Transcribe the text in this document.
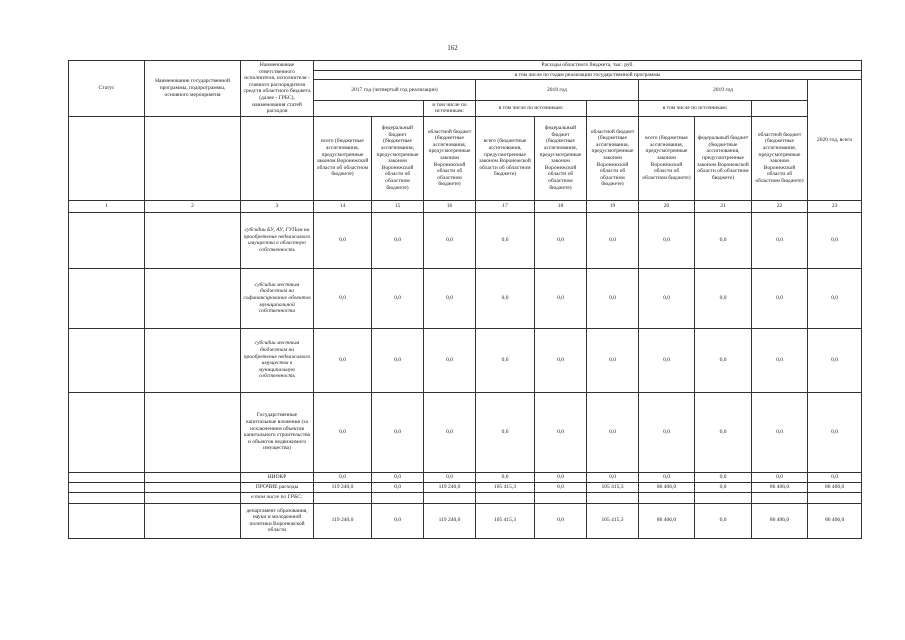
162
Статус	Наименование государственной программы, подпрограммы, основного мероприятия	Наименование ответственного исполнителя, исполнителя - главного распорядителя средств областного бюджета (далее - ГРБС), наименования статей расходов	Расходы областного бюджета, тыс. руб.									
			в том числе по годам реализации государственной программы									
			2017 год (четвертый год реализации)			2018 год			2019 год			2020 год, всего
					в том числе по источникам:	в том числе по источникам:			в том числе по источникам:			
			всего (бюджетные ассигнования, предусмотренные законом Воронежской области об областном бюджете)	федеральный бюджет (бюджетные ассигнования, предусмотренные законом Воронежской области об областном бюджете)	областной бюджет (бюджетные ассигнования, предусмотренные законом Воронежской области об областном бюджете)	всего (бюджетные ассигнования, предусмотренные законом Воронежской области об областном бюджете)	федеральный бюджет (бюджетные ассигнования, предусмотренные законом Воронежской области об областном бюджете)	областной бюджет (бюджетные ассигнования, предусмотренные законом Воронежской области об областном бюджете)	всего (бюджетные ассигнования, предусмотренные законом Воронежской области об областном бюджете)	федеральный бюджет (бюджетные ассигнования, предусмотренные законом Воронежской области об областном бюджете)	областной бюджет (бюджетные ассигнования, предусмотренные законом Воронежской области об областном бюджете)	
1	2	3	14	15	16	17	18	19	20	21	22	23
		субсидии БУ, АУ, ГУПам на приобретение недвижимого имущества в областную собственность	0,0	0,0	0,0	0,0	0,0	0,0	0,0	0,0	0,0	0,0
		субсидии местным бюджетам на софинансирование объектов муниципальной собственности	0,0	0,0	0,0	0,0	0,0	0,0	0,0	0,0	0,0	0,0
		субсидии местным бюджетам на приобретение недвижимого имущества в муниципальную собственность	0,0	0,0	0,0	0,0	0,0	0,0	0,0	0,0	0,0	0,0
		Государственные капитальные вложения (за исключением объектов капитального строительства и объектов недвижимого имущества)	0,0	0,0	0,0	0,0	0,0	0,0	0,0	0,0	0,0	0,0
		НИОКР	0,0	0,0	0,0	0,0	0,0	0,0	0,0	0,0	0,0	0,0
		ПРОЧИЕ расходы	119 240,0	0,0	119 240,0	105 415,3	0,0	105 415,3	86 406,0	0,0	86 406,0	86 406,0
		в том числе по ГРБС:										
		департамент образования, науки и молодежной политики Воронежской области	119 240,0	0,0	119 240,0	105 415,3	0,0	105 415,3	86 406,0	0,0	86 406,0	86 406,0
